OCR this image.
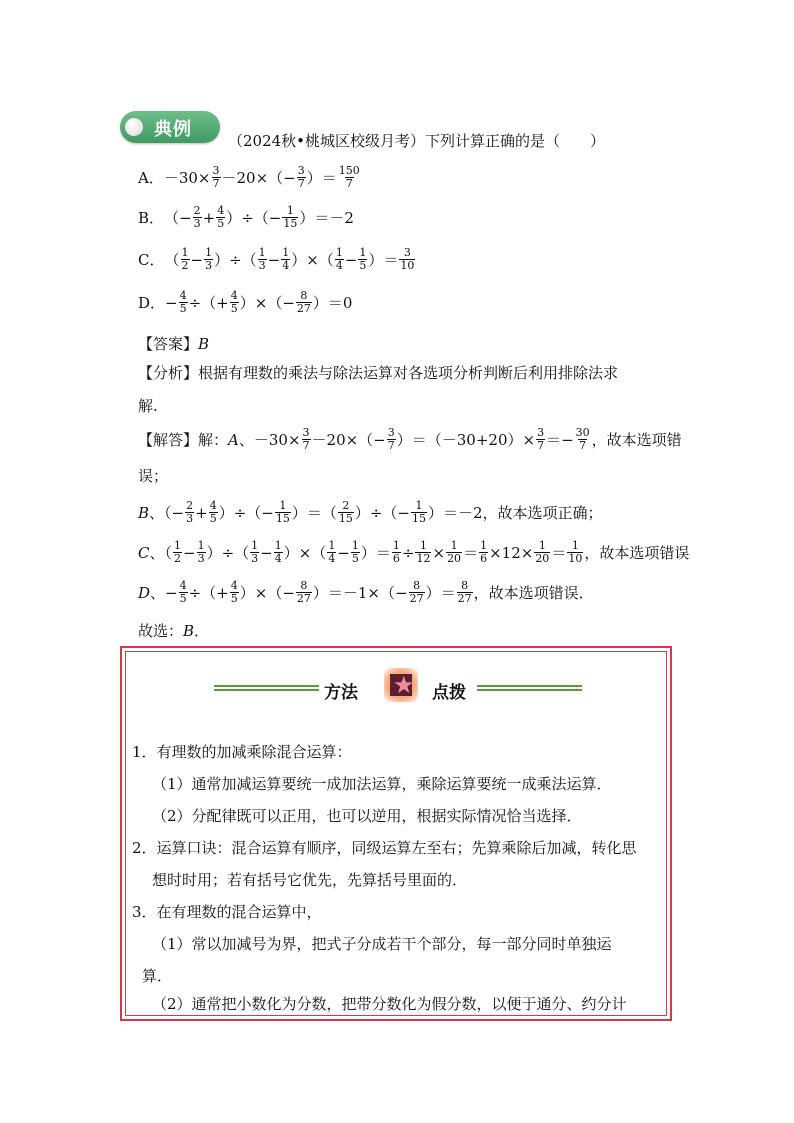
典例
（2024秋•桃城区校级月考）下列计算正确的是（　　）
A． $-30\times \frac{3}{7} -20\times(- \frac{3}{7}$ ）＝ $\frac{150}{7}$
B． （− $\frac{2}{3} + \frac{4}{5}$ ）÷（− $\frac{1}{15} )=-2$
C． （ $\frac{1}{2} - \frac{1}{3}$ ）÷（ $\frac{1}{3} - \frac{1}{4}$ ）×（ $\frac{1}{4} - \frac{1}{5}$ ）＝ $\frac{3}{10}$
D． − $\frac{4}{5}$ ÷（+ $\frac{4}{5}$ ）×（− $\frac{8}{27} )=0$
【答案】 B
【分析】 根据有理数的乘法与除法运算对各选项分析判断后利用排除法求
解.
【解答】 解： A 、$-30\times \frac{3}{7} -20\times(- \frac{3}{7} )=(-30+20)\times \frac{3}{7} =- \frac{30}{7}$ ，故本选项错
误；
B 、（− $\frac{2}{3} + \frac{4}{5}$ ）÷（− $\frac{1}{15}$ ）＝（ $\frac{2}{15}$ ）÷（− $\frac{1}{15} )=-2$，故本选项正确；
C 、（ $\frac{1}{2} - \frac{1}{3}$ ）÷（ $\frac{1}{3} - \frac{1}{4}$ ）×（ $\frac{1}{4} - \frac{1}{5}$ ）＝ $\frac{1}{6} \div \frac{1}{12} \times \frac{1}{20} = \frac{1}{6} \times 12\times \frac{1}{20} = \frac{1}{10}$ ，故本选项错误
D 、− $\frac{4}{5}$ ÷（+ $\frac{4}{5}$ ）×（− $\frac{8}{27} )=-1\times(- \frac{8}{27}$ ）＝ $\frac{8}{27}$ ，故本选项错误．
故选： B ．
方法 ★ 点拨
1．有理数的加减乘除混合运算：
（1）通常加减运算要统一成加法运算，乘除运算要统一成乘法运算．
（2）分配律既可以正用，也可以逆用，根据实际情况恰当选择．
2．运算口诀：混合运算有顺序，同级运算左至右；先算乘除后加减，转化思
想时时用；若有括号它优先，先算括号里面的．
3．在有理数的混合运算中，
（1）常以加减号为界，把式子分成若干个部分，每一部分同时单独运
算．
（2）通常把小数化为分数，把带分数化为假分数，以便于通分、约分计
